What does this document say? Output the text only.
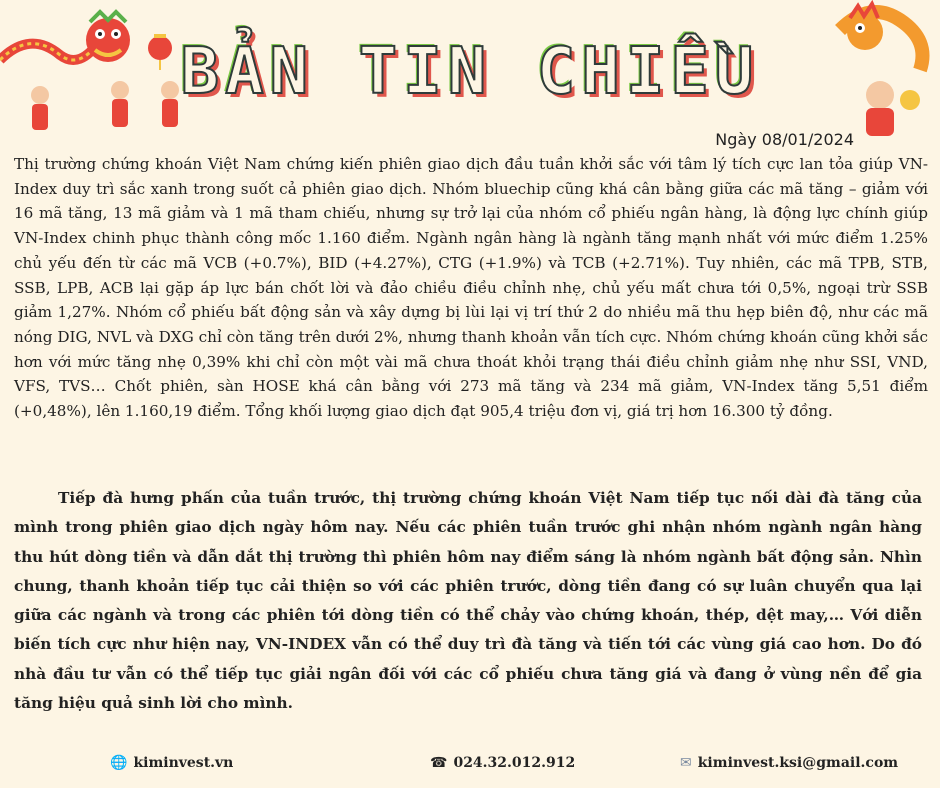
BẢN TIN CHIỀU
Ngày 08/01/2024

Thị trường chứng khoán Việt Nam chứng kiến phiên giao dịch đầu tuần khởi sắc với tâm lý tích cực lan tỏa giúp VN-Index duy trì sắc xanh trong suốt cả phiên giao dịch. Nhóm bluechip cũng khá cân bằng giữa các mã tăng – giảm với 16 mã tăng, 13 mã giảm và 1 mã tham chiếu, nhưng sự trở lại của nhóm cổ phiếu ngân hàng, là động lực chính giúp VN-Index chinh phục thành công mốc 1.160 điểm. Ngành ngân hàng là ngành tăng mạnh nhất với mức điểm 1.25% chủ yếu đến từ các mã VCB (+0.7%), BID (+4.27%), CTG (+1.9%) và TCB (+2.71%). Tuy nhiên, các mã TPB, STB, SSB, LPB, ACB lại gặp áp lực bán chốt lời và đảo chiều điều chỉnh nhẹ, chủ yếu mất chưa tới 0,5%, ngoại trừ SSB giảm 1,27%. Nhóm cổ phiếu bất động sản và xây dựng bị lùi lại vị trí thứ 2 do nhiều mã thu hẹp biên độ, như các mã nóng DIG, NVL và DXG chỉ còn tăng trên dưới 2%, nhưng thanh khoản vẫn tích cực. Nhóm chứng khoán cũng khởi sắc hơn với mức tăng nhẹ 0,39% khi chỉ còn một vài mã chưa thoát khỏi trạng thái điều chỉnh giảm nhẹ như SSI, VND, VFS, TVS… Chốt phiên, sàn HOSE khá cân bằng với 273 mã tăng và 234 mã giảm, VN-Index tăng 5,51 điểm (+0,48%), lên 1.160,19 điểm. Tổng khối lượng giao dịch đạt 905,4 triệu đơn vị, giá trị hơn 16.300 tỷ đồng.

Tiếp đà hưng phấn của tuần trước, thị trường chứng khoán Việt Nam tiếp tục nối dài đà tăng của mình trong phiên giao dịch ngày hôm nay. Nếu các phiên tuần trước ghi nhận nhóm ngành ngân hàng thu hút dòng tiền và dẫn dắt thị trường thì phiên hôm nay điểm sáng là nhóm ngành bất động sản. Nhìn chung, thanh khoản tiếp tục cải thiện so với các phiên trước, dòng tiền đang có sự luân chuyển qua lại giữa các ngành và trong các phiên tới dòng tiền có thể chảy vào chứng khoán, thép, dệt may,… Với diễn biến tích cực như hiện nay, VN-INDEX vẫn có thể duy trì đà tăng và tiến tới các vùng giá cao hơn. Do đó nhà đầu tư vẫn có thể tiếp tục giải ngân đối với các cổ phiếu chưa tăng giá và đang ở vùng nền để gia tăng hiệu quả sinh lời cho mình.

🌐 kiminvest.vn	☎ 024.32.012.912	✉ kiminvest.ksi@gmail.com
